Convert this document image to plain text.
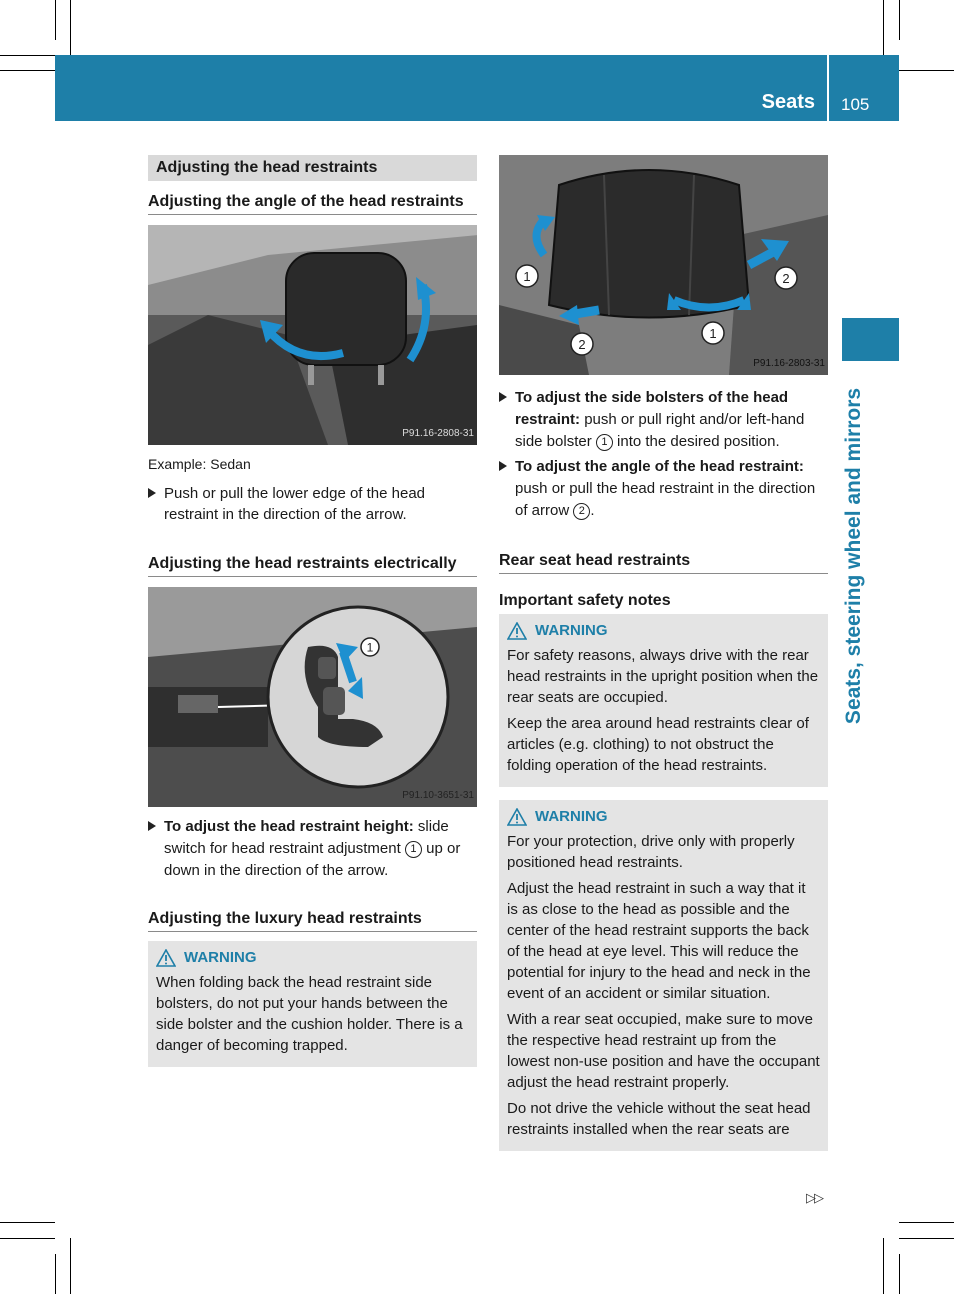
Seats 105
Seats, steering wheel and mirrors
Adjusting the head restraints
Adjusting the angle of the head restraints
P91.16-2808-31
Example: Sedan
Push or pull the lower edge of the head restraint in the direction of the arrow.
Adjusting the head restraints electrically
1
P91.10-3651-31
To adjust the head restraint height: slide switch for head restraint adjustment 1 up or down in the direction of the arrow.
Adjusting the luxury head restraints
WARNING

When folding back the head restraint side bolsters, do not put your hands between the side bolster and the cushion holder. There is a danger of becoming trapped.

1	2
2
1
P91.16-2803-31
To adjust the side bolsters of the head restraint: push or pull right and/or left-hand side bolster 1 into the desired position.
To adjust the angle of the head restraint: push or pull the head restraint in the direction of arrow 2 .
Rear seat head restraints
Important safety notes
WARNING

For safety reasons, always drive with the rear head restraints in the upright position when the rear seats are occupied.

Keep the area around head restraints clear of articles (e.g. clothing) to not obstruct the folding operation of the head restraints.

WARNING

For your protection, drive only with properly positioned head restraints.

Adjust the head restraint in such a way that it is as close to the head as possible and the center of the head restraint supports the back of the head at eye level. This will reduce the potential for injury to the head and neck in the event of an accident or similar situation.

With a rear seat occupied, make sure to move the respective head restraint up from the lowest non-use position and have the occupant adjust the head restraint properly.

Do not drive the vehicle without the seat head restraints installed when the rear seats are

▷▷
